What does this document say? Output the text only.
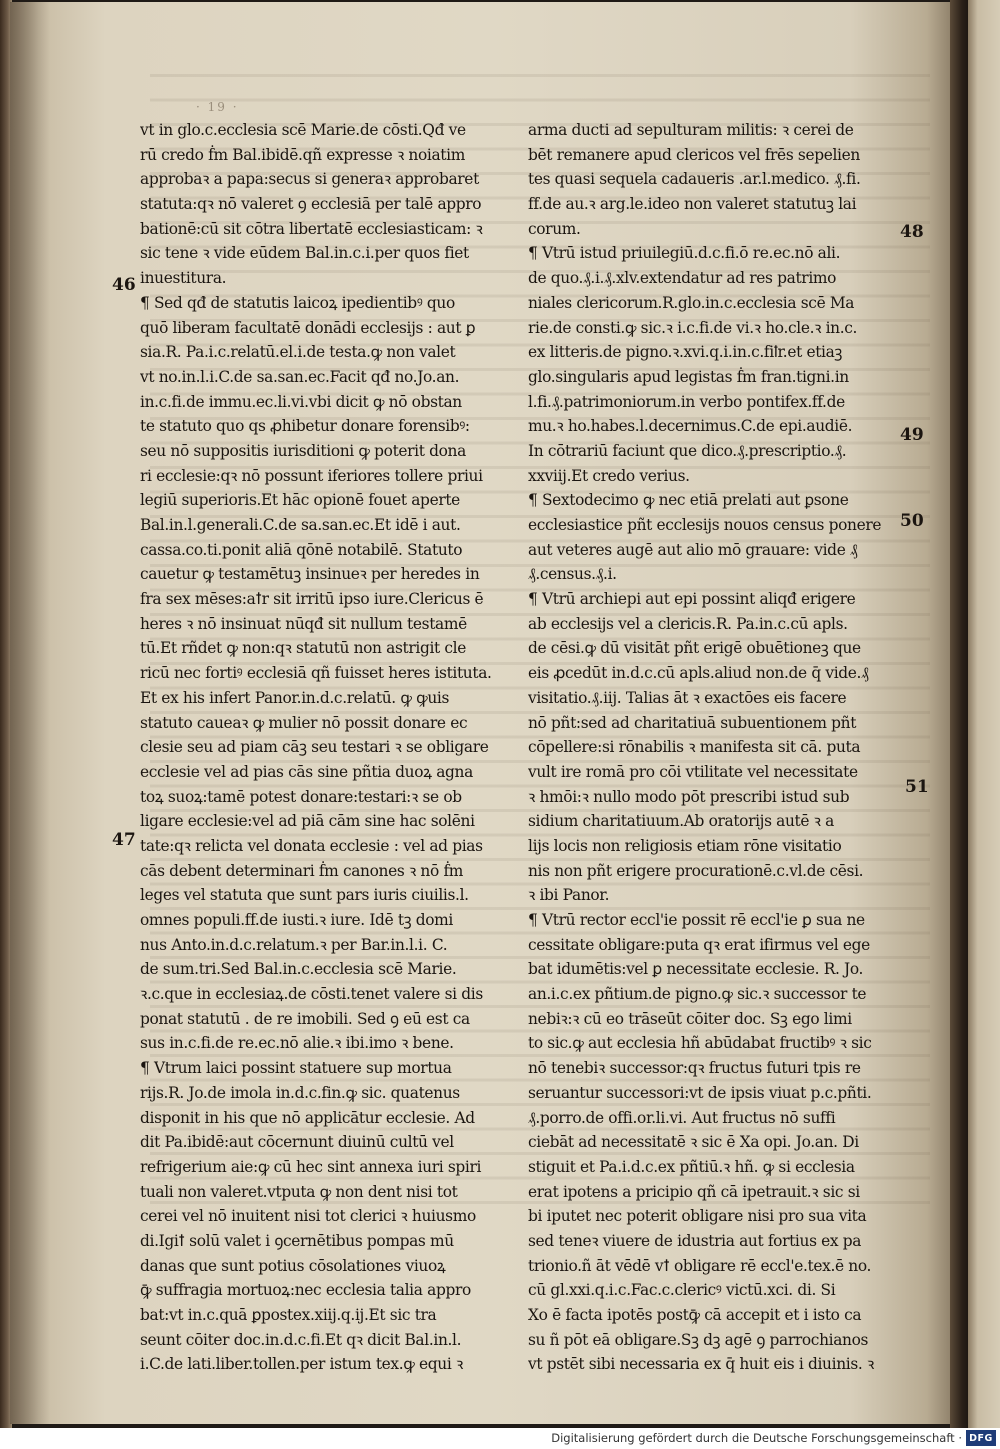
· 19 ·
vt in glo.c.ecclesia scē Marie.de cōsti.Qđ ve
rū credo ḟm Bal.ibidē.qñ expresse ꝛ noiatim
approbaꝛ a papa:secus si generaꝛ approbaret
statuta:qꝛ nō valeret ꝯ ecclesiā per talē appro
bationē:cū sit cōtra libertatē ecclesiasticam: ꝛ
sic tene ꝛ vide eūdem Bal.in.c.i.per quos fiet
inuestitura.
¶ Sed qđ de statutis laicoꝝ ipedientibꝰ quo
quō liberam facultatē donādi ecclesijs : aut ꝑ
sia.R. Pa.i.c.relatū.el.i.de testa.ꝙ non valet
vt no.in.l.i.C.de sa.san.ec.Facit qđ no.Jo.an.
in.c.fi.de immu.ec.li.vi.vbi dicit ꝙ nō obstan
te statuto quo qs ꝓhibetur donare forensibꝰ:
seu nō suppositis iurisditioni ꝙ poterit dona
ri ecclesie:qꝛ nō possunt iferiores tollere priui
legiū superioris.Et hāc opionē fouet aperte
Bal.in.l.generali.C.de sa.san.ec.Et idē i aut.
cassa.co.ti.ponit aliā qōnē notabilē. Statuto
cauetur ꝙ testamētuꝫ insinueꝛ per heredes in
fra sex mēses:aꝉr sit irritū ipso iure.Clericus ē
heres ꝛ nō insinuat nūqđ sit nullum testamē
tū.Et rñdet ꝙ non:qꝛ statutū non astrigit cle
ricū nec fortiꝰ ecclesiā qñ fuisset heres istituta.
Et ex his infert Panor.in.d.c.relatū. ꝙ ꝙuis
statuto caueaꝛ ꝙ mulier nō possit donare ec
clesie seu ad piam cāꝫ seu testari ꝛ se obligare
ecclesie vel ad pias cās sine pñtia duoꝝ agna
toꝝ suoꝝ:tamē potest donare:testari:ꝛ se ob
ligare ecclesie:vel ad piā cām sine hac solēni
tate:qꝛ relicta vel donata ecclesie : vel ad pias
cās debent determinari ḟm canones ꝛ nō ḟm
leges vel statuta que sunt pars iuris ciuilis.l.
omnes populi.ff.de iusti.ꝛ iure. Idē tꝫ domi
nus Anto.in.d.c.relatum.ꝛ per Bar.in.l.i. C.
de sum.tri.Sed Bal.in.c.ecclesia scē Marie.
ꝛ.c.que in ecclesiaꝝ.de cōsti.tenet valere si dis
ponat statutū . de re imobili. Sed ꝯ eū est ca
sus in.c.fi.de re.ec.nō alie.ꝛ ibi.imo ꝛ bene.
¶ Vtrum laici possint statuere sup mortua
rijs.R. Jo.de imola in.d.c.fin.ꝙ sic. quatenus
disponit in his que nō applicātur ecclesie. Ad
dit Pa.ibidē:aut cōcernunt diuinū cultū vel
refrigerium aie:ꝙ cū hec sint annexa iuri spiri
tuali non valeret.vtputa ꝙ non dent nisi tot
cerei vel nō inuitent nisi tot clerici ꝛ huiusmo
di.Igiꝉ solū valet i ꝯcernētibus pompas mū
danas que sunt potius cōsolationes viuoꝝ
ꝙ̄ suffragia mortuoꝝ:nec ecclesia talia appro
bat:vt in.c.quā ꝑpostex.xiij.q.ij.Et sic tra
seunt cōiter doc.in.d.c.fi.Et qꝛ dicit Bal.in.l.
i.C.de lati.liber.tollen.per istum tex.ꝙ equi ꝛ
arma ducti ad sepulturam militis: ꝛ cerei de
bēt remanere apud clericos vel frēs sepelien
tes quasi sequela cadaueris .ar.l.medico. ₰.fi.
ff.de au.ꝛ arg.le.ideo non valeret statutuꝫ lai
corum.
¶ Vtrū istud priuilegiū.d.c.fi.ō re.ec.nō ali.
de quo.₰.i.₰.xlv.extendatur ad res patrimo
niales clericorum.R.glo.in.c.ecclesia scē Ma
rie.de consti.ꝙ sic.ꝛ i.c.fi.de vi.ꝛ ho.cle.ꝛ in.c.
ex litteris.de pigno.ꝛ.xvi.q.i.in.c.fiꝉr.et etiaꝫ
glo.singularis apud legistas ḟm fran.tigni.in
l.fi.₰.patrimoniorum.in verbo pontifex.ff.de
mu.ꝛ ho.habes.l.decernimus.C.de epi.audiē.
In cōtrariū faciunt que dico.₰.prescriptio.₰.
xxviij.Et credo verius.
¶ Sextodecimo ꝙ nec etiā prelati aut ꝑsone
ecclesiastice pñt ecclesijs nouos census ponere
aut veteres augē aut alio mō grauare: vide ₰
₰.census.₰.i.
¶ Vtrū archiepi aut epi possint aliqđ erigere
ab ecclesijs vel a clericis.R. Pa.in.c.cū apls.
de cēsi.ꝙ dū visitāt pñt erigē obuētioneꝫ que
eis ꝓcedūt in.d.c.cū apls.aliud non.de q̄ vide.₰
visitatio.₰.iij. Talias āt ꝛ exactōes eis facere
nō pñt:sed ad charitatiuā subuentionem pñt
cōpellere:si rōnabilis ꝛ manifesta sit cā. puta
vult ire romā pro cōi vtilitate vel necessitate
ꝛ hmōi:ꝛ nullo modo pōt prescribi istud sub
sidium charitatiuum.Ab oratorijs autē ꝛ a
lijs locis non religiosis etiam rōne visitatio
nis non pñt erigere procurationē.c.vl.de cēsi.
ꝛ ibi Panor.
¶ Vtrū rector eccl'ie possit rē eccl'ie ꝑ sua ne
cessitate obligare:puta qꝛ erat ifirmus vel ege
bat idumētis:vel ꝑ necessitate ecclesie. R. Jo.
an.i.c.ex pñtium.de pigno.ꝙ sic.ꝛ successor te
nebiꝛ:ꝛ cū eo trāseūt cōiter doc. Sꝫ ego limi
to sic.ꝙ aut ecclesia hñ abūdabat fructibꝰ ꝛ sic
nō tenebiꝛ successor:qꝛ fructus futuri tpis re
seruantur successori:vt de ipsis viuat p.c.pñti.
₰.porro.de offi.or.li.vi. Aut fructus nō suffi
ciebāt ad necessitatē ꝛ sic ē Xa opi. Jo.an. Di
stiguit et Pa.i.d.c.ex pñtiū.ꝛ hñ. ꝙ si ecclesia
erat ipotens a pricipio qñ cā ipetrauit.ꝛ sic si
bi iputet nec poterit obligare nisi pro sua vita
sed teneꝛ viuere de idustria aut fortius ex pa
trionio.ñ āt vēdē vꝉ obligare rē eccl'e.tex.ē no.
cū gl.xxi.q.i.c.Fac.c.clericꝰ victū.xci. di. Si
Xo ē facta ipotēs postꝙ̄ cā accepit et i isto ca
su ñ pōt eā obligare.Sꝫ dꝫ agē ꝯ parrochianos
vt pstēt sibi necessaria ex q̄ huit eis i diuinis. ꝛ
46
47
48
49
50
51
Digitalisierung gefördert durch die Deutsche Forschungsgemeinschaft · DFG
